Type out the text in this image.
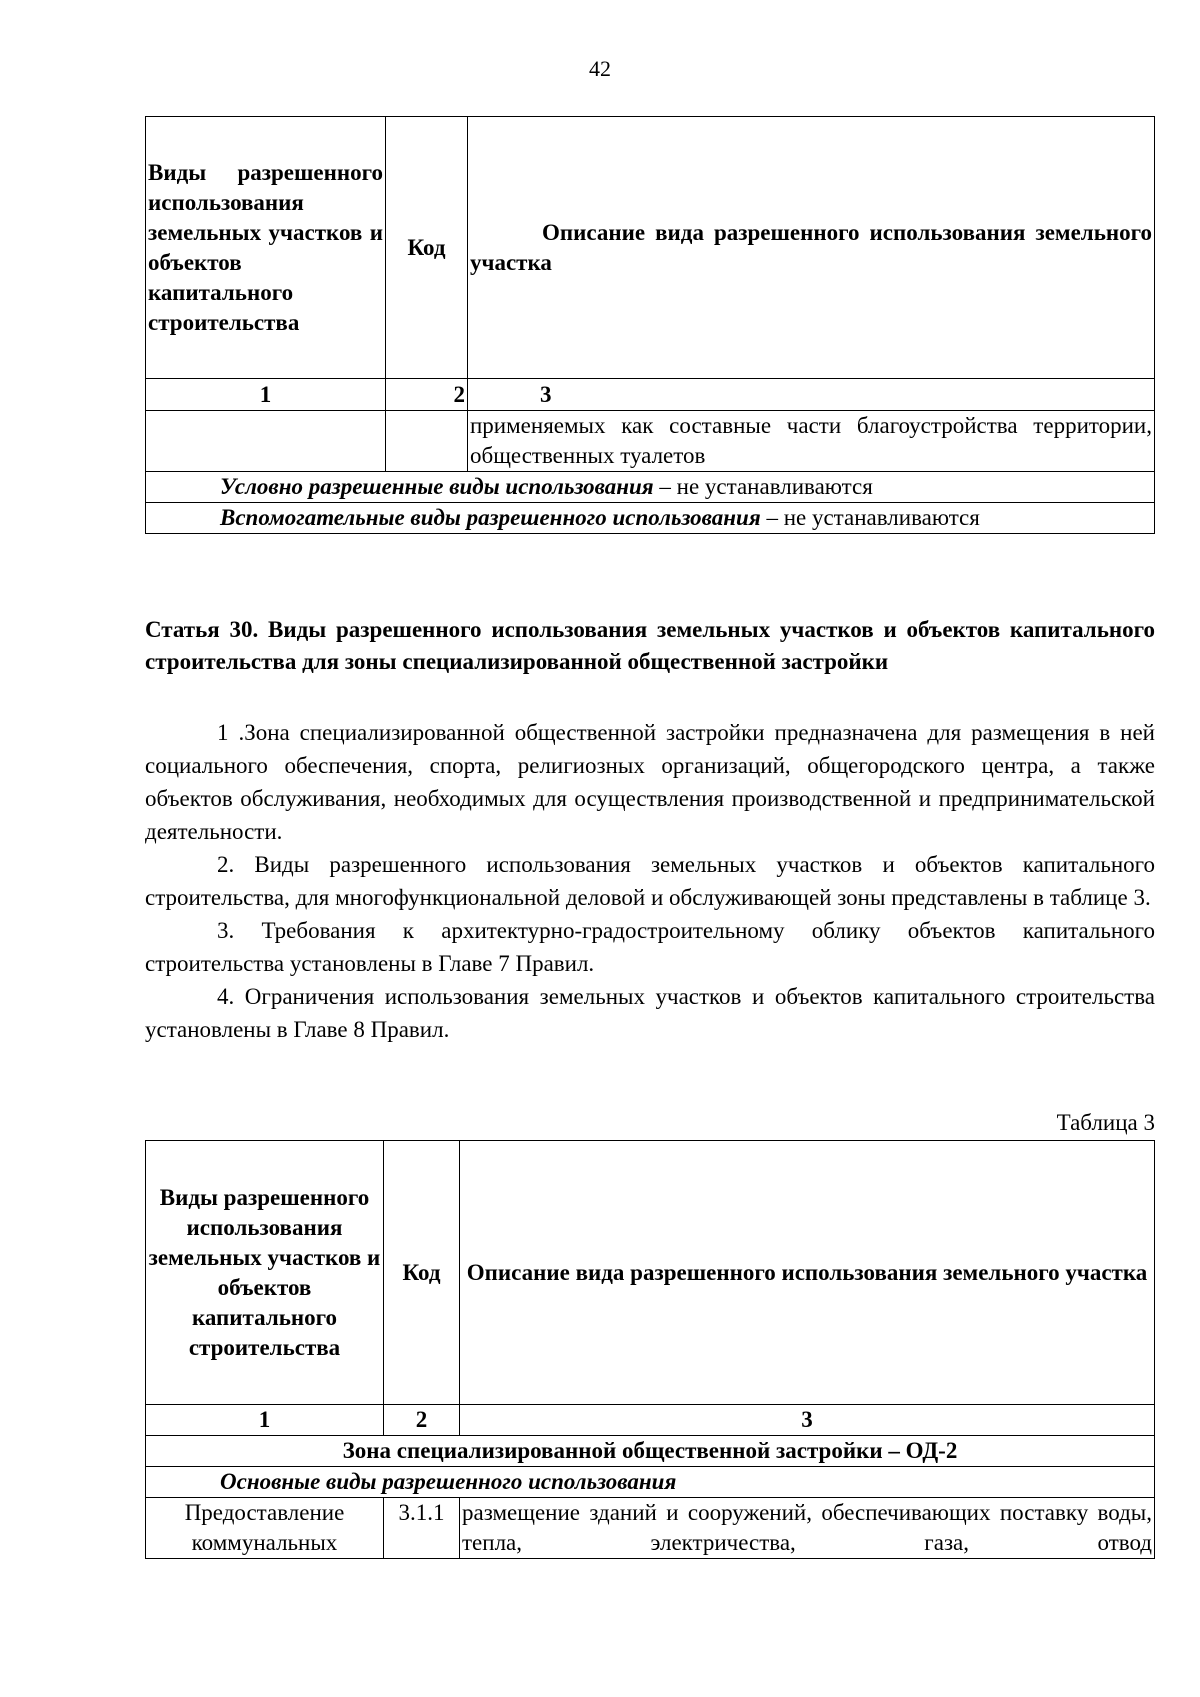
42
Виды разрешенного использования земельных участков и объектов капитального строительства	Код	Описание вида разрешенного использования земельного участка
1	2	3
		применяемых как составные части благоустройства территории, общественных туалетов
Условно разрешенные виды использования – не устанавливаются		
Вспомогательные виды разрешенного использования – не устанавливаются		
Статья 30. Виды разрешенного использования земельных участков и объектов капитального строительства для зоны специализированной общественной застройки

1 .Зона специализированной общественной застройки предназначена для размещения в ней социального обеспечения, спорта, религиозных организаций, общегородского центра, а также объектов обслуживания, необходимых для осуществления производственной и предпринимательской деятельности.

2. Виды разрешенного использования земельных участков и объектов капитального строительства, для многофункциональной деловой и обслуживающей зоны представлены в таблице 3.

3. Требования к архитектурно-градостроительному облику объектов капитального строительства установлены в Главе 7 Правил.

4. Ограничения использования земельных участков и объектов капитального строительства установлены в Главе 8 Правил.

Таблица 3
Виды разрешенного использования земельных участков и объектов капитального строительства	Код	Описание вида разрешенного использования земельного участка
1	2	3
Зона специализированной общественной застройки – ОД-2		
Основные виды разрешенного использования		
Предоставление коммунальных	3.1.1	размещение зданий и сооружений, обеспечивающих поставку воды, тепла, электричества, газа, отвод
